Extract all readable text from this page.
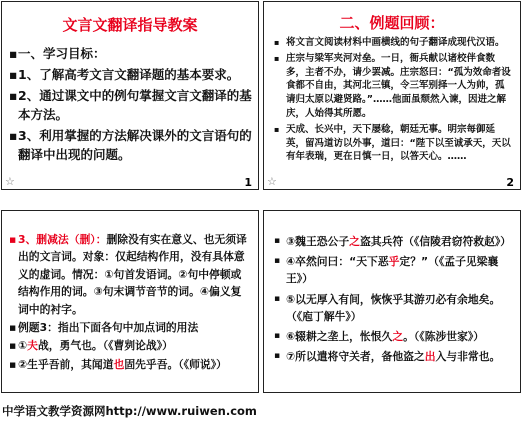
文言文翻译指导教案
▪ 一、学习目标：
▪ 1、了解高考文言文翻译题的基本要求。
▪ 2、通过课文中的例句掌握文言文翻译的基本方法。
▪ 3、利用掌握的方法解决课外的文言语句的翻译中出现的问题。
☆	1
二、例题回顾：
▪ 将文言文阅读材料中画横线的句子翻译成现代汉语。
▪ 庄宗与梁军夹河对垒。一日，衙兵献以诸校伴食数多，主者不办，请少罢减。庄宗怒曰：“孤为效命者设食都不自由，其河北三镇，令三军别择一人为帅，孤请归太原以避贤路。”……他面虽颓然入谏，因进之解庆，人始得其所愿。
▪ 天成、长兴中，天下屡稔，朝廷无事。明宗每御延英，留冯道访以外事，道曰：“陛下以至诚承天，天以有年表瑞，更在日慎一日，以答天心。……
☆	2
▪ 3、删减法（删）：删除没有实在意义、也无须译出的文言词。对象：仅起结构作用，没有具体意义的虚词。情况：①句首发语词。②句中停顿或结构作用的词。③句末调节音节的词。④偏义复词中的衬字。
▪ 例题3：指出下面各句中加点词的用法
▪ ①夫战，勇气也。（《曹刿论战》）
▪ ②生乎吾前，其闻道也固先乎吾。（《师说》）
▪ ③魏王恐公子之盗其兵符（《信陵君窃符救赵》）
▪ ④卒然问曰：“天下恶乎定？”（《孟子见梁襄王》）
▪ ⑤以无厚入有间，恢恢乎其游刃必有余地矣。（《庖丁解牛》）
▪ ⑥辍耕之垄上，怅恨久之。（《陈涉世家》）
▪ ⑦所以遣将守关者，备他盗之出入与非常也。
中学语文教学资源网http://www.ruiwen.com
